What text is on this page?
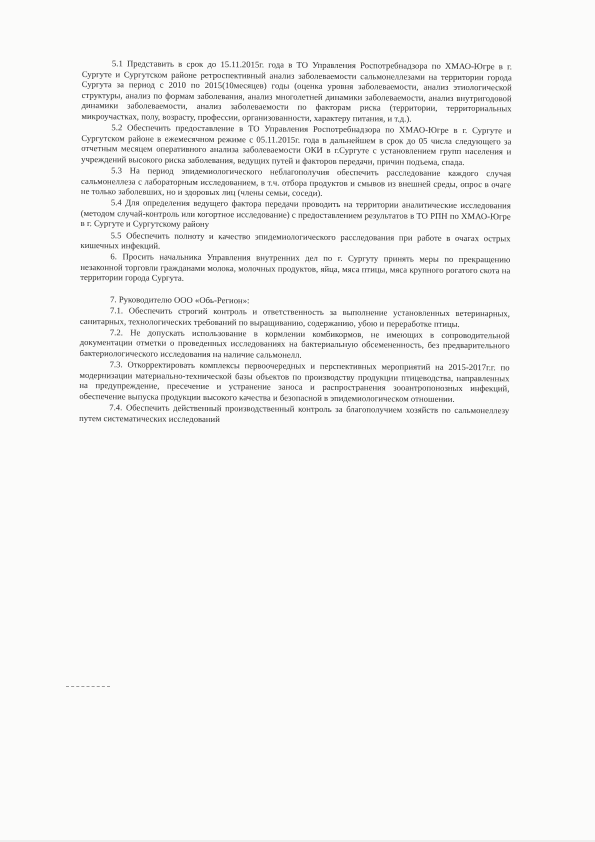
5.1 Представить в срок до 15.11.2015г. года в ТО Управления Роспотребнадзора по ХМАО-Югре в г. Сургуте и Сургутском районе ретроспективный анализ заболеваемости сальмонеллезами на территории города Сургута за период с 2010 по 2015(10месяцев) годы (оценка уровня заболеваемости, анализ этиологической структуры, анализ по формам заболевания, анализ многолетней динамики заболеваемости, анализ внутригодовой динамики заболеваемости, анализ заболеваемости по факторам риска (территории, территориальных микроучастках, полу, возрасту, профессии, организованности, характеру питания, и т.д.).

5.2 Обеспечить предоставление в ТО Управления Роспотребнадзора по ХМАО-Югре в г. Сургуте и Сургутском районе в ежемесячном режиме с 05.11.2015г. года в дальнейшем в срок до 05 числа следующего за отчетным месяцем оперативного анализа заболеваемости ОКИ в г.Сургуте с установлением групп населения и учреждений высокого риска заболевания, ведущих путей и факторов передачи, причин подъема, спада.

5.3 На период эпидемиологического неблагополучия обеспечить расследование каждого случая сальмонеллеза с лабораторным исследованием, в т.ч. отбора продуктов и смывов из внешней среды, опрос в очаге не только заболевших, но и здоровых лиц (члены семьи, соседи).

5.4 Для определения ведущего фактора передачи проводить на территории аналитические исследования (методом случай-контроль или когортное исследование) с предоставлением результатов в ТО РПН по ХМАО-Югре в г. Сургуте и Сургутскому району

5.5 Обеспечить полноту и качество эпидемиологического расследования при работе в очагах острых кишечных инфекций.

6. Просить начальника Управления внутренних дел по г. Сургуту принять меры по прекращению незаконной торговли гражданами молока, молочных продуктов, яйца, мяса птицы, мяса крупного рогатого скота на территории города Сургута.

7. Руководителю ООО «Обь-Регион»:

7.1. Обеспечить строгий контроль и ответственность за выполнение установленных ветеринарных, санитарных, технологических требований по выращиванию, содержанию, убою и переработке птицы.

7.2. Не допускать использование в кормлении комбикормов, не имеющих в сопроводительной документации отметки о проведенных исследованиях на бактериальную обсемененность, без предварительного бактериологического исследования на наличие сальмонелл.

7.3. Откорректировать комплексы первоочередных и перспективных мероприятий на 2015-2017г.г. по модернизации материально-технической базы объектов по производству продукции птицеводства, направленных на предупреждение, пресечение и устранение заноса и распространения зооантропонозных инфекций, обеспечение выпуска продукции высокого качества и безопасной в эпидемиологическом отношении.

7.4. Обеспечить действенный производственный контроль за благополучием хозяйств по сальмонеллезу путем систематических исследований
